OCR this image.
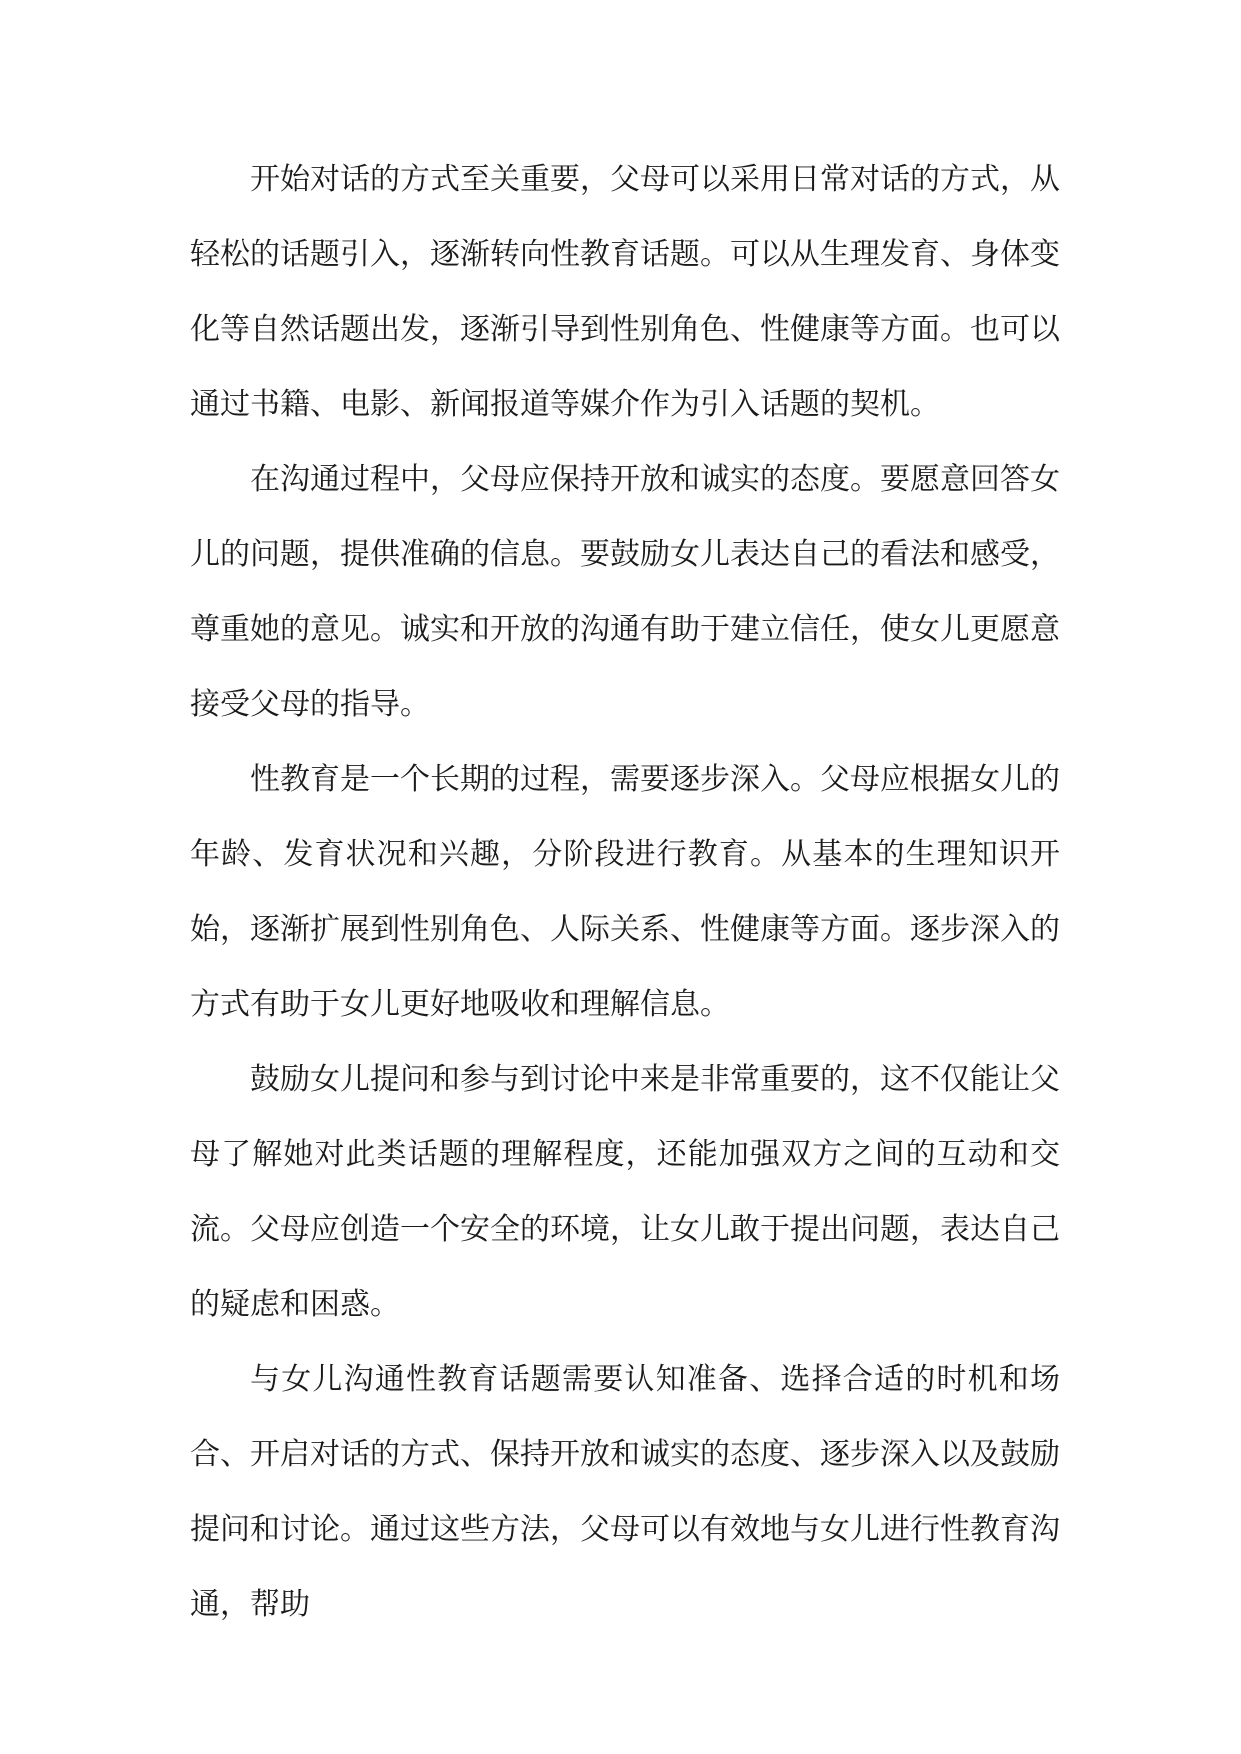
开始对话的方式至关重要，父母可以采用日常对话的方式，从轻松的话题引入，逐渐转向性教育话题。可以从生理发育、身体变化等自然话题出发，逐渐引导到性别角色、性健康等方面。也可以通过书籍、电影、新闻报道等媒介作为引入话题的契机。

在沟通过程中，父母应保持开放和诚实的态度。要愿意回答女儿的问题，提供准确的信息。要鼓励女儿表达自己的看法和感受，尊重她的意见。诚实和开放的沟通有助于建立信任，使女儿更愿意接受父母的指导。

性教育是一个长期的过程，需要逐步深入。父母应根据女儿的年龄、发育状况和兴趣，分阶段进行教育。从基本的生理知识开始，逐渐扩展到性别角色、人际关系、性健康等方面。逐步深入的方式有助于女儿更好地吸收和理解信息。

鼓励女儿提问和参与到讨论中来是非常重要的，这不仅能让父母了解她对此类话题的理解程度，还能加强双方之间的互动和交流。父母应创造一个安全的环境，让女儿敢于提出问题，表达自己的疑虑和困惑。

与女儿沟通性教育话题需要认知准备、选择合适的时机和场合、开启对话的方式、保持开放和诚实的态度、逐步深入以及鼓励提问和讨论。通过这些方法，父母可以有效地与女儿进行性教育沟通，帮助
